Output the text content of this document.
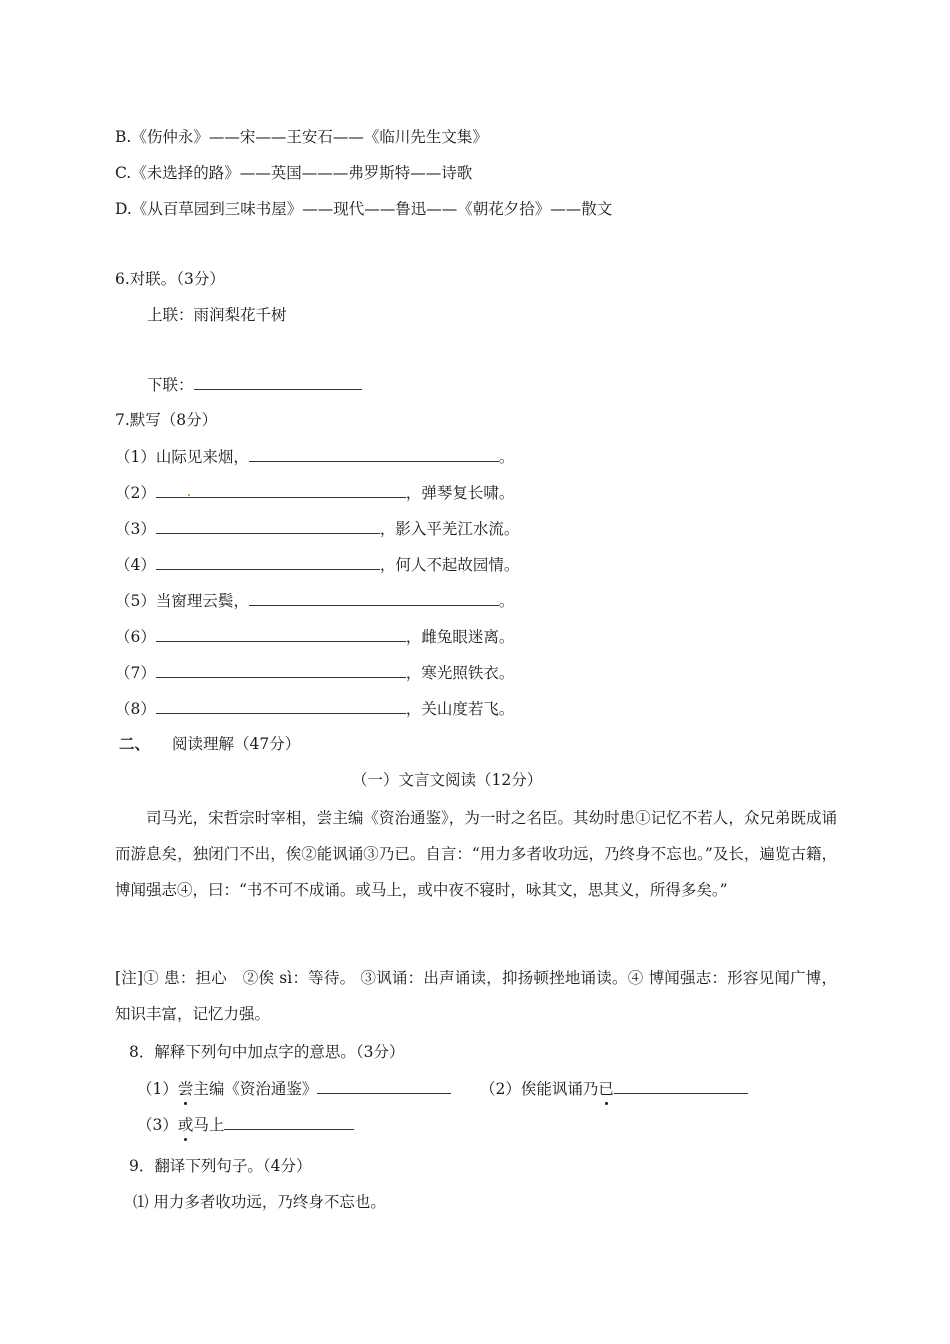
B.《伤仲永》——宋——王安石——《临川先生文集》
C.《未选择的路》——英国———弗罗斯特——诗歌
D.《从百草园到三味书屋》——现代——鲁迅——《朝花夕拾》——散文
6.对联。（3分）
上联：雨润梨花千树
下联：
7.默写（8分）
（1）山际见来烟，	。
（2）	，弹琴复长啸。
（3）	，影入平羌江水流。
（4）	，何人不起故园情。
（5）当窗理云鬓，	。
（6）	，雌兔眼迷离。
（7）	，寒光照铁衣。
（8）	，关山度若飞。
二、 阅读理解（47分）
（一）文言文阅读（12分）
司马光，宋哲宗时宰相，尝主编《资治通鉴》，为一时之名臣。其幼时患①记忆不若人，众兄弟既成诵而游息矣，独闭门不出，俟②能讽诵③乃已。自言：“用力多者收功远，乃终身不忘也。”及长，遍览古籍，博闻强志④，曰：“书不可不成诵。或马上，或中夜不寝时，咏其文，思其义，所得多矣。”
[注]① 患：担心　②俟 sì：等待。 ③讽诵：出声诵读，抑扬顿挫地诵读。④ 博闻强志：形容见闻广博，知识丰富，记忆力强。
8．解释下列句中加点字的意思。（3分）
（1）尝主编《资治通鉴》	（2）俟能讽诵乃已
（3）或马上
9．翻译下列句子。（4分）
⑴ 用力多者收功远，乃终身不忘也。
